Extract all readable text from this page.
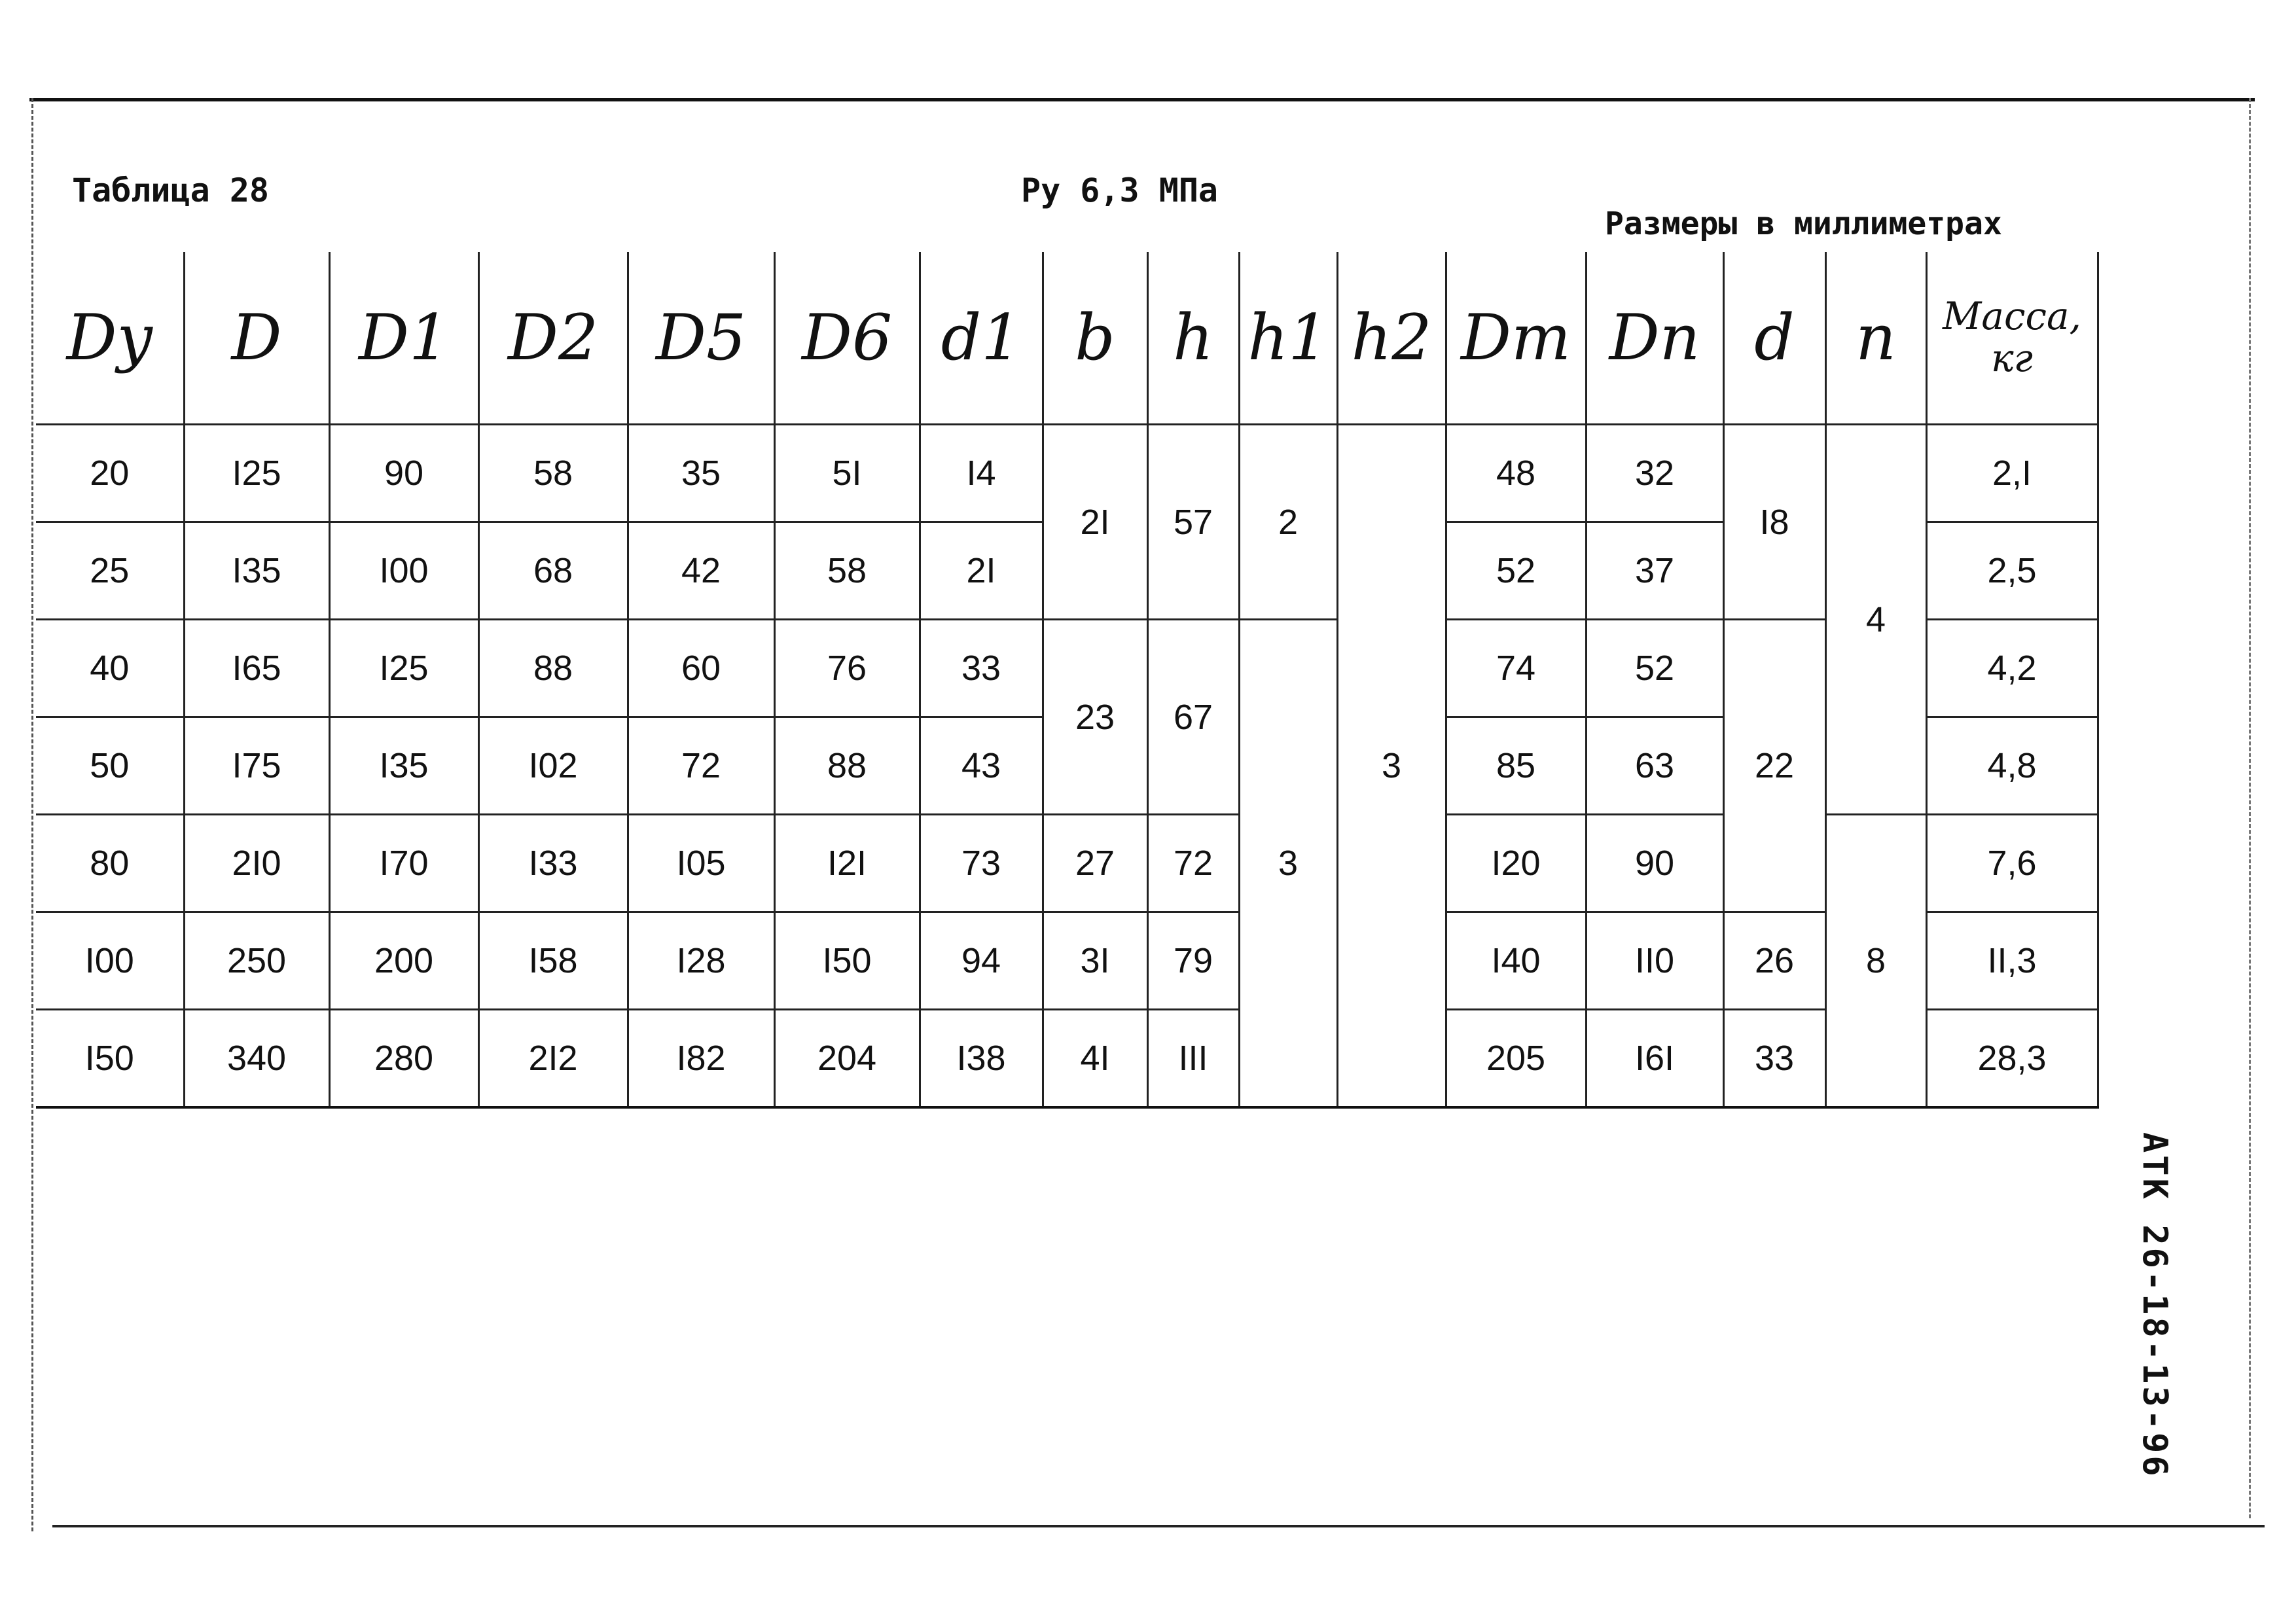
Таблица 28	Ру 6,3 МПа
Размеры в миллиметрах
Dy	D	D1	D2	D5	D6	d1	b	h	h1	h2	Dm	Dn	d	n	Масса,
кг

20	I25	90	58	35	5I	I4	2I	57	2	3	48	32	I8	4	2,I
25	I35	I00	68	42	58	2I					52	37			2,5
40	I65	I25	88	60	76	33	23	67	3		74	52	22		4,2
50	I75	I35	I02	72	88	43					85	63			4,8
80	2I0	I70	I33	I05	I2I	73	27	72			I20	90		8	7,6
I00	250	200	I58	I28	I50	94	3I	79			I40	II0	26		II,3
I50	340	280	2I2	I82	204	I38	4I	III			205	I6I	33		28,3
АТК 26-18-13-96
